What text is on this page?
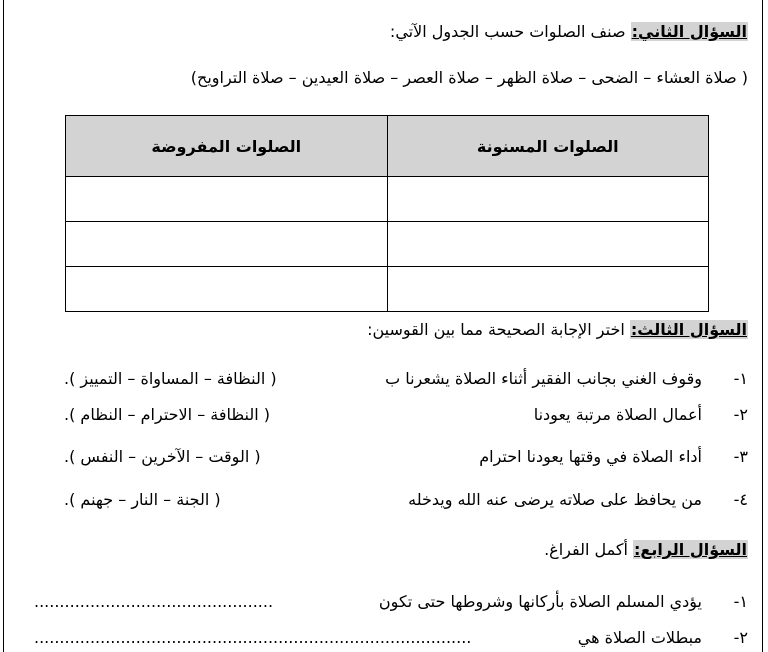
السؤال الثاني: صنف الصلوات حسب الجدول الآتي:
( صلاة العشاء – الضحى – صلاة الظهر – صلاة العصر – صلاة العيدين – صلاة التراويح)
الصلوات المسنونة	الصلوات المفروضة

السؤال الثالث: اختر الإجابة الصحيحة مما بين القوسين:
١-
وقوف الغني بجانب الفقير أثناء الصلاة يشعرنا ب
( النظافة – المساواة – التمييز ).
٢-
أعمال الصلاة مرتبة يعودنا
( النظافة – الاحترام – النظام ).
٣-
أداء الصلاة في وقتها يعودنا احترام
( الوقت – الآخرين – النفس ).
٤-
من يحافظ على صلاته يرضى عنه الله ويدخله
( الجنة – النار – جهنم ).
السؤال الرابع: أكمل الفراغ.
١-
يؤدي المسلم الصلاة بأركانها وشروطها حتى تكون
...............................................
٢-
مبطلات الصلاة هي
......................................................................................
